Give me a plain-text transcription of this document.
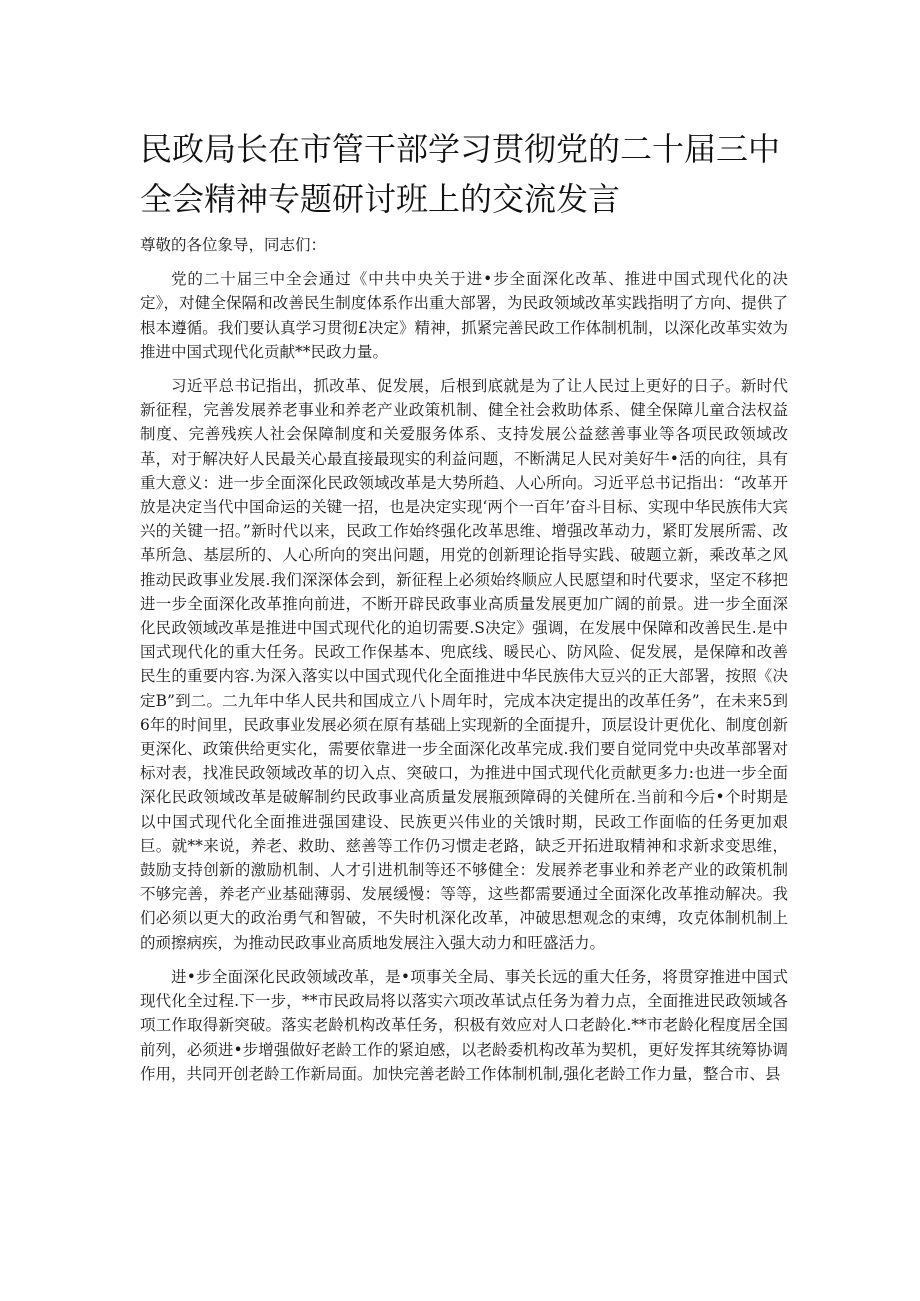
民政局长在市管干部学习贯彻党的二十届三中全会精神专题研讨班上的交流发言

尊敬的各位象导，同志们：

党的二十届三中全会通过《中共中央关于进•步全面深化改革、推进中国式现代化的决定》，对健全保隔和改善民生制度体系作出重大部署，为民政领域改革实践指明了方向、提供了根本遵循。我们要认真学习贯彻£决定》精神，抓紧完善民政工作体制机制，以深化改革实效为推进中国式现代化贡献**民政力量。

习近平总书记指出，抓改革、促发展，后根到底就是为了让人民过上更好的日子。新时代新征程，完善发展养老事业和养老产业政策机制、健全社会救助体系、健全保障儿童合法权益制度、完善残疾人社会保障制度和关爱服务体系、支持发展公益慈善事业等各项民政领域改革，对于解决好人民最关心最直接最现实的利益问题，不断满足人民对美好牛•活的向往，具有重大意义：进一步全面深化民政领域改革是大势所趋、人心所向。习近平总书记指出：“改革开放是决定当代中国命运的关键一招，也是决定实现‘两个一百年’奋斗目标、实现中华民族伟大宾兴的关键一招。”新时代以来，民政工作始终强化改革思维、增强改革动力，紧盯发展所需、改革所急、基层所的、人心所向的突出问题，用党的创新理论指导实践、破题立新，乘改革之风推动民政事业发展.我们深深体会到，新征程上必须始终顺应人民愿望和时代要求，坚定不移把进一步全面深化改革推向前进，不断开辟民政事业高质量发展更加广阔的前景。进一步全面深化民政领域改革是推进中国式现代化的迫切需要.S决定》强调，在发展中保障和改善民生.是中国式现代化的重大任务。民政工作保基本、兜底线、暖民心、防风险、促发展，是保障和改善民生的重要内容.为深入落实以中国式现代化全面推进中华民族伟大豆兴的正大部署，按照《决定B”到二。二九年中华人民共和国成立八卜周年时，完成本决定提出的改革任务”，在未来5到6年的时间里，民政事业发展必须在原有基础上实现新的全面提升，顶层设计更优化、制度创新更深化、政策供给更实化，需要依靠进一步全面深化改革完成.我们要自觉同党中央改革部署对标对表，找准民政领域改革的切入点、突破口，为推进中国式现代化贡献更多力:也进一步全面深化民政领域改革是破解制约民政事业高质量发展瓶颈障碍的关健所在.当前和今后•个时期是以中国式现代化全面推进强国建设、民族更兴伟业的关饿时期，民政工作面临的任务更加艰巨。就**来说，养老、救助、慈善等工作仍习惯走老路，缺乏开拓进取精神和求新求变思维，鼓励支持创新的激励机制、人才引进机制等还不够健全：发展养老事业和养老产业的政策机制不够完善，养老产业基础薄弱、发展缓慢：等等，这些都需要通过全面深化改革推动解决。我们必须以更大的政治勇气和智破，不失时机深化改革，冲破思想观念的束缚，攻克体制机制上的顽擦病疾，为推动民政事业高质地发展注入强大动力和旺盛活力。

进•步全面深化民政领域改革，是•项事关全局、事关长远的重大任务，将贯穿推进中国式现代化全过程.下一步，**市民政局将以落实六项改革试点任务为着力点，全面推进民政领域各项工作取得新突破。落实老龄机构改革任务，积极有效应对人口老龄化.**市老龄化程度居全国前列，必须进•步增强做好老龄工作的紧迫感，以老龄委机构改革为契机，更好发挥其统筹协调作用，共同开创老龄工作新局面。加快完善老龄工作体制机制,强化老龄工作力量，整合市、县
